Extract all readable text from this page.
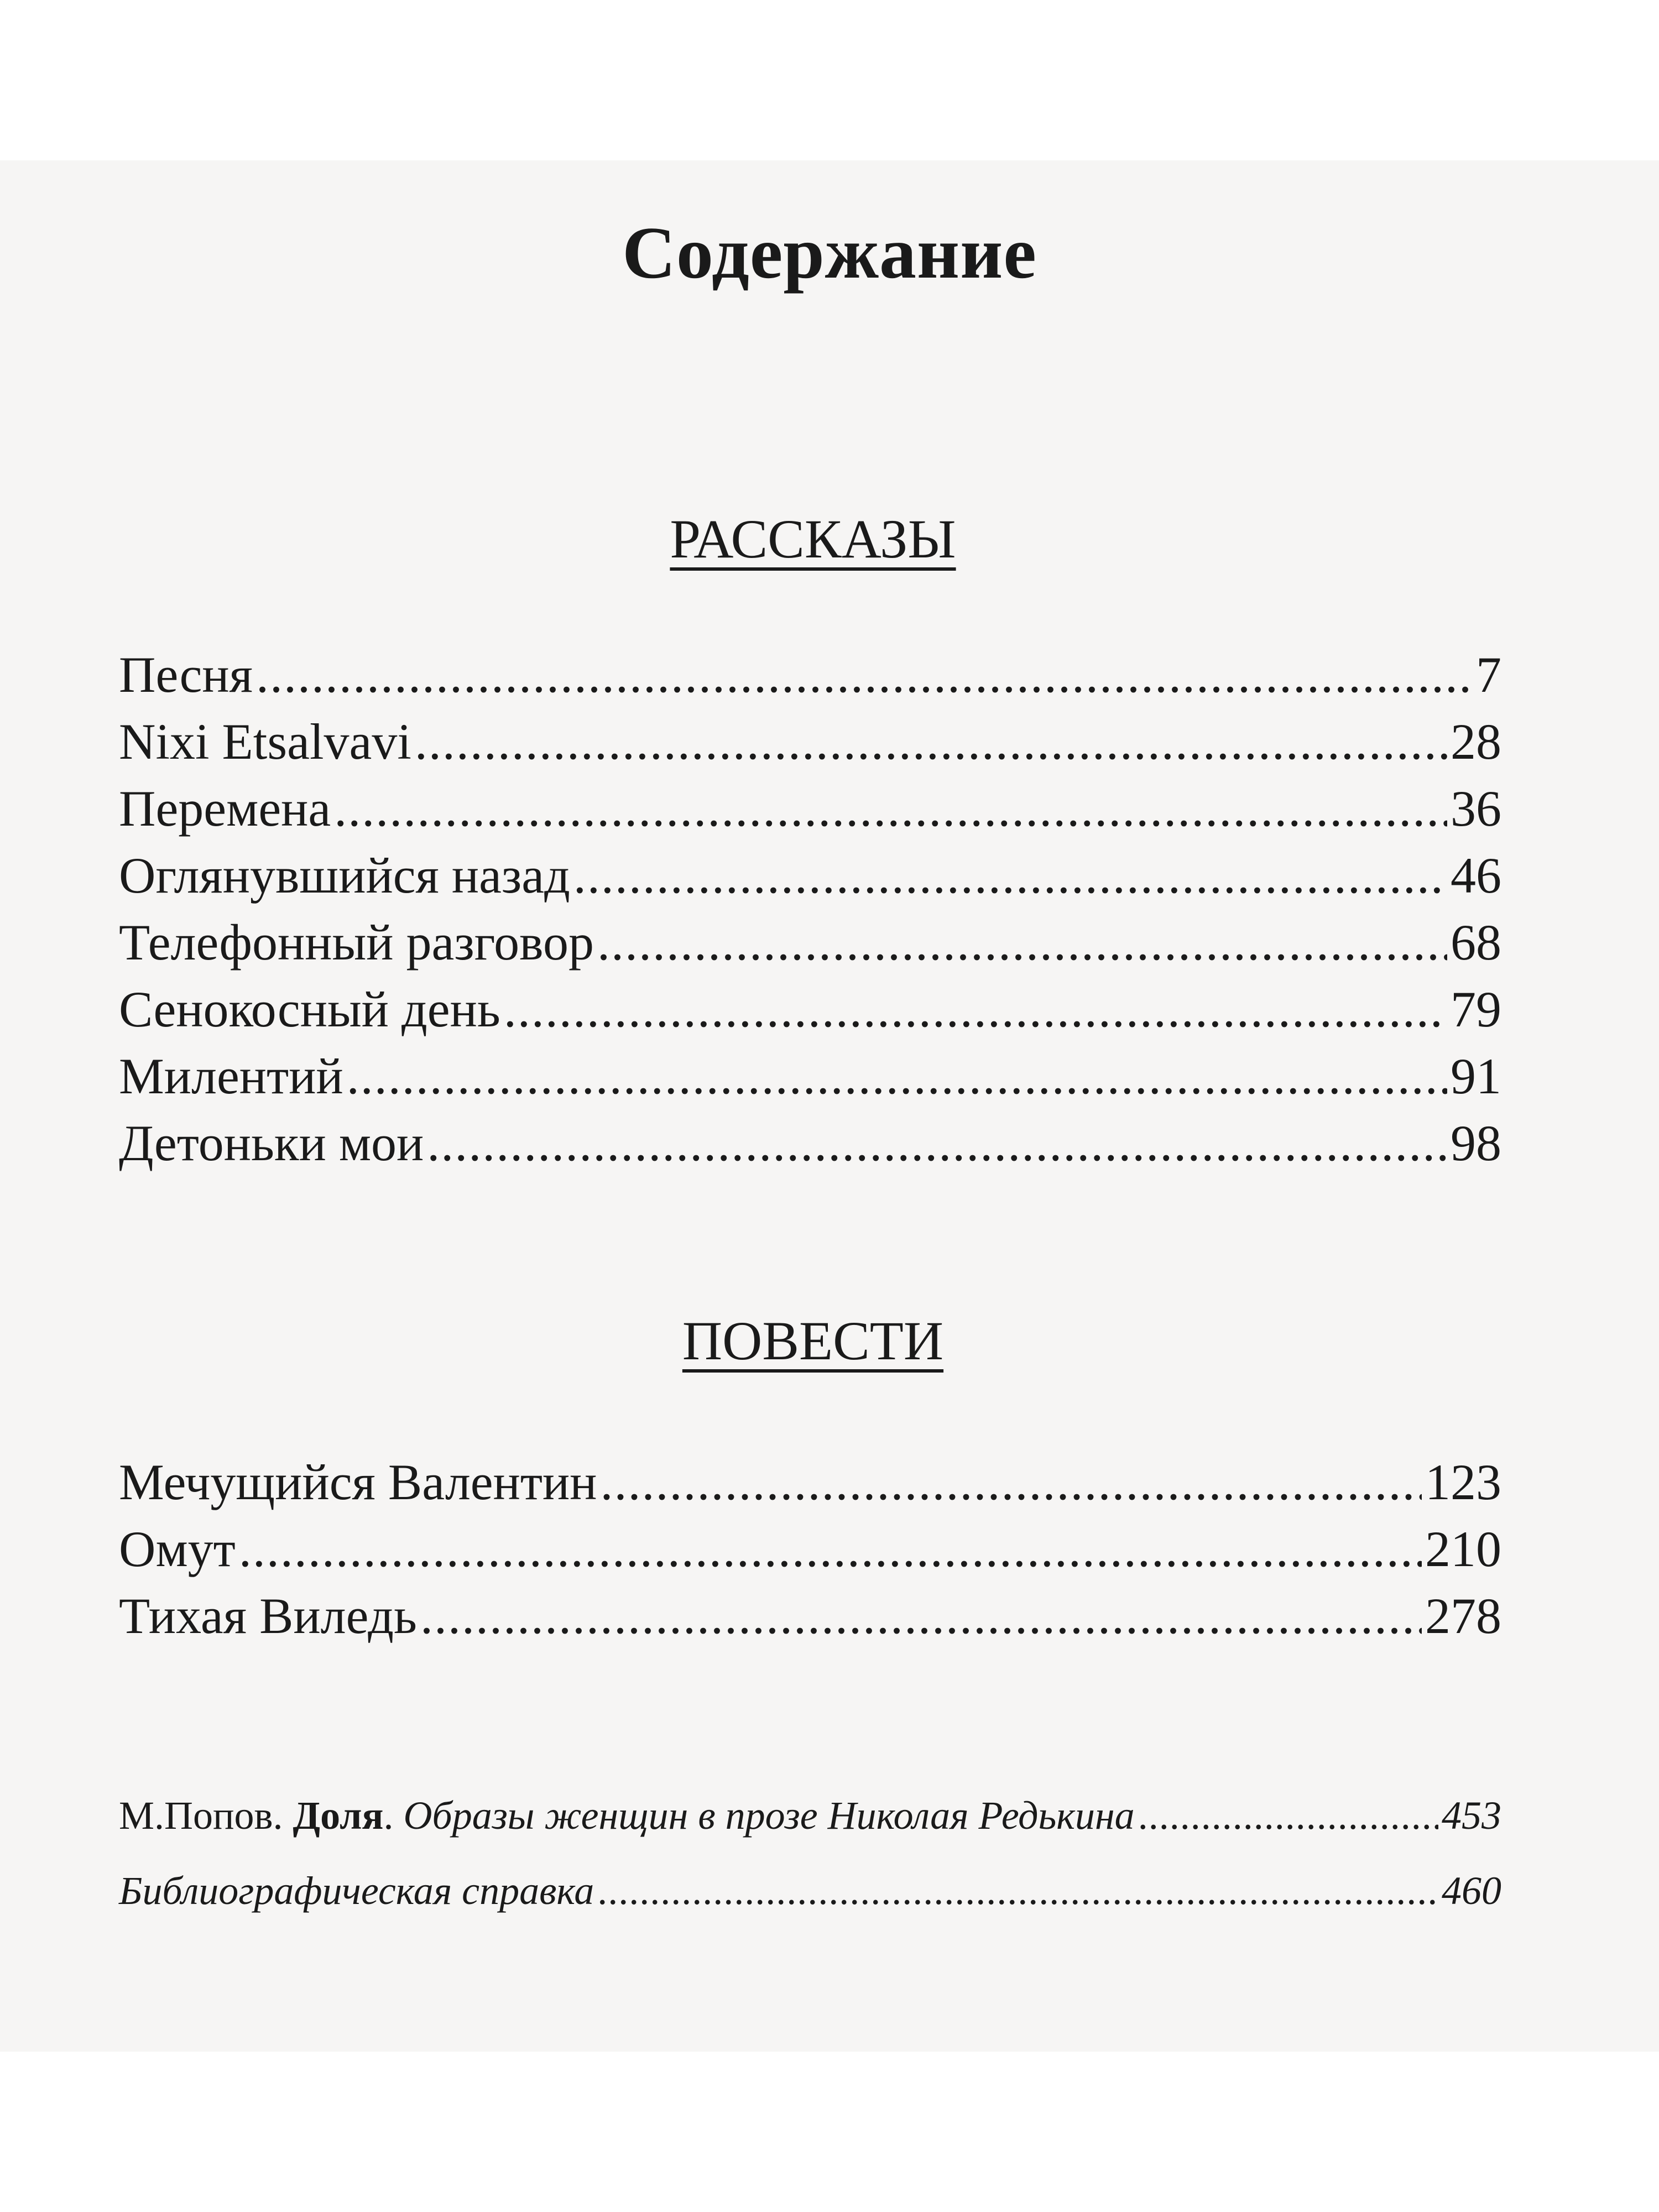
Содержание
РАССКАЗЫ
Песня .....	7
Nixi Etsalvavi .....	28
Перемена .....	36
Оглянувшийся назад .....	46
Телефонный разговор .....	68
Сенокосный день .....	79
Милентий .....	91
Детоньки мои .....	98
ПОВЕСТИ
Мечущийся Валентин .....	123
Омут .....	210
Тихая Виледь .....	278
М.Попов. Доля. Образы женщин в прозе Николая Редькина .....	453
Библиографическая справка .....	460
